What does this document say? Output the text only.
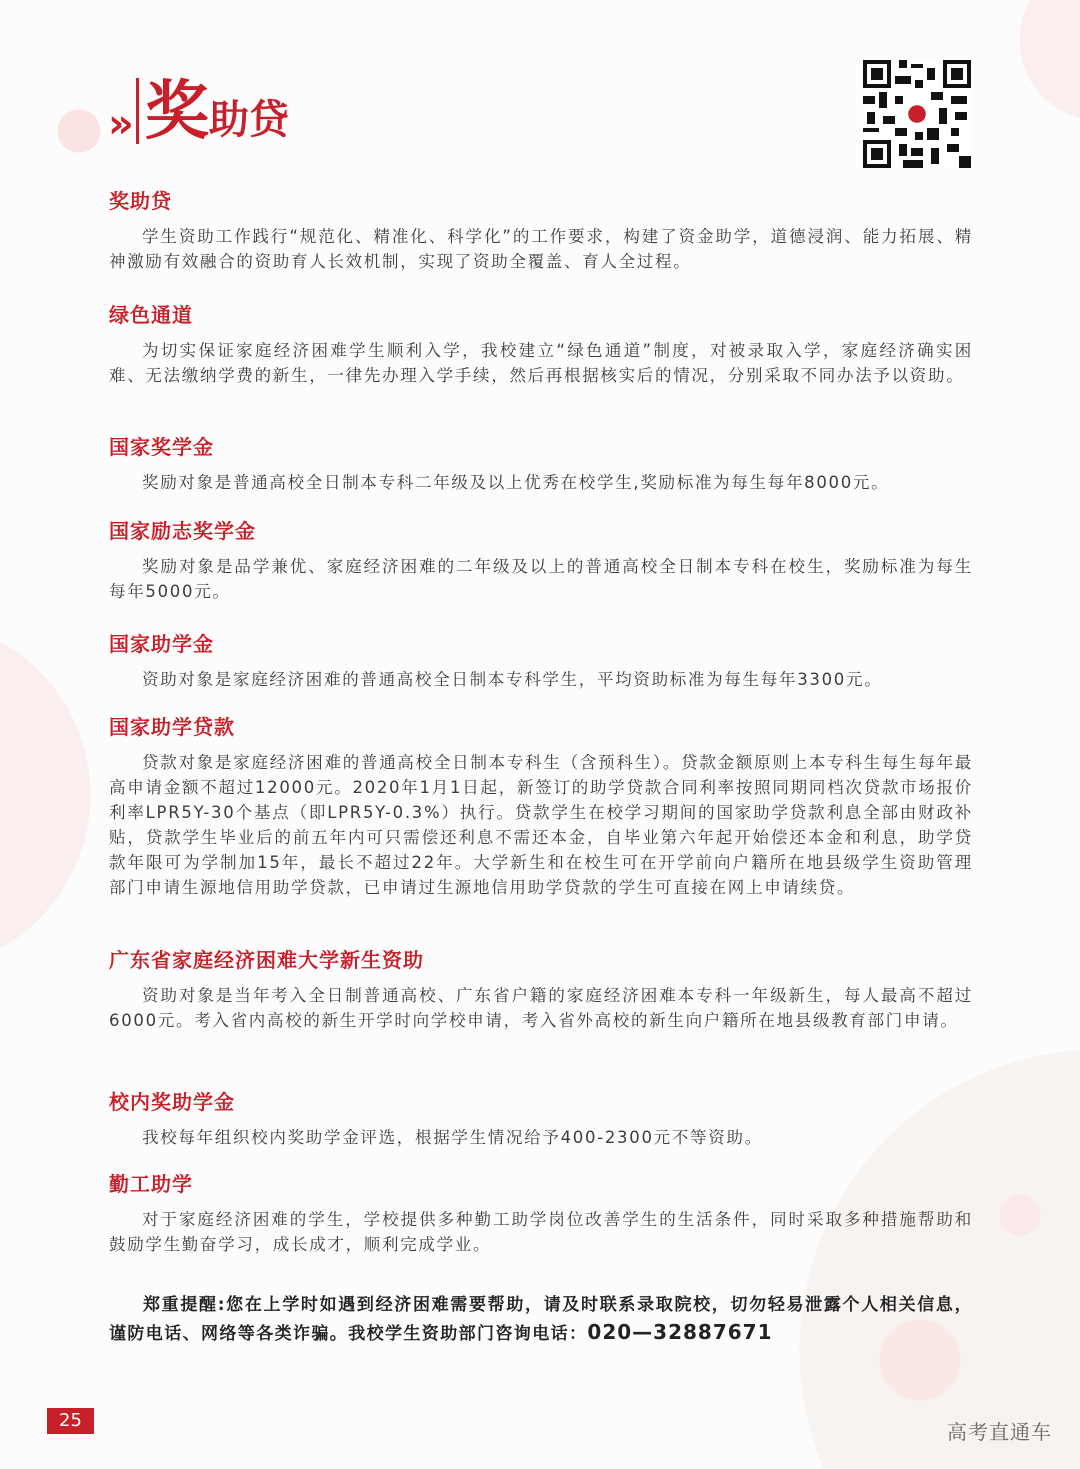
» 奖 助贷
奖助贷
学生资助工作践行“规范化、精准化、科学化”的工作要求，构建了资金助学，道德浸润、能力拓展、精神激励有效融合的资助育人长效机制，实现了资助全覆盖、育人全过程。
绿色通道
为切实保证家庭经济困难学生顺利入学，我校建立“绿色通道”制度，对被录取入学，家庭经济确实困难、无法缴纳学费的新生，一律先办理入学手续，然后再根据核实后的情况，分别采取不同办法予以资助。
国家奖学金
奖励对象是普通高校全日制本专科二年级及以上优秀在校学生,奖励标准为每生每年8000元。
国家励志奖学金
奖励对象是品学兼优、家庭经济困难的二年级及以上的普通高校全日制本专科在校生，奖励标准为每生每年5000元。
国家助学金
资助对象是家庭经济困难的普通高校全日制本专科学生，平均资助标准为每生每年3300元。
国家助学贷款
贷款对象是家庭经济困难的普通高校全日制本专科生（含预科生）。贷款金额原则上本专科生每生每年最高申请金额不超过12000元。2020年1月1日起，新签订的助学贷款合同利率按照同期同档次贷款市场报价利率LPR5Y-30个基点（即LPR5Y-0.3%）执行。贷款学生在校学习期间的国家助学贷款利息全部由财政补贴，贷款学生毕业后的前五年内可只需偿还利息不需还本金，自毕业第六年起开始偿还本金和利息，助学贷款年限可为学制加15年，最长不超过22年。大学新生和在校生可在开学前向户籍所在地县级学生资助管理部门申请生源地信用助学贷款，已申请过生源地信用助学贷款的学生可直接在网上申请续贷。
广东省家庭经济困难大学新生资助
资助对象是当年考入全日制普通高校、广东省户籍的家庭经济困难本专科一年级新生，每人最高不超过6000元。考入省内高校的新生开学时向学校申请，考入省外高校的新生向户籍所在地县级教育部门申请。
校内奖助学金
我校每年组织校内奖助学金评选，根据学生情况给予400-2300元不等资助。
勤工助学
对于家庭经济困难的学生，学校提供多种勤工助学岗位改善学生的生活条件，同时采取多种措施帮助和鼓励学生勤奋学习，成长成才，顺利完成学业。
郑重提醒:您在上学时如遇到经济困难需要帮助，请及时联系录取院校，切勿轻易泄露个人相关信息，谨防电话、网络等各类诈骗。我校学生资助部门咨询电话：020—32887671
25	高考直通车
